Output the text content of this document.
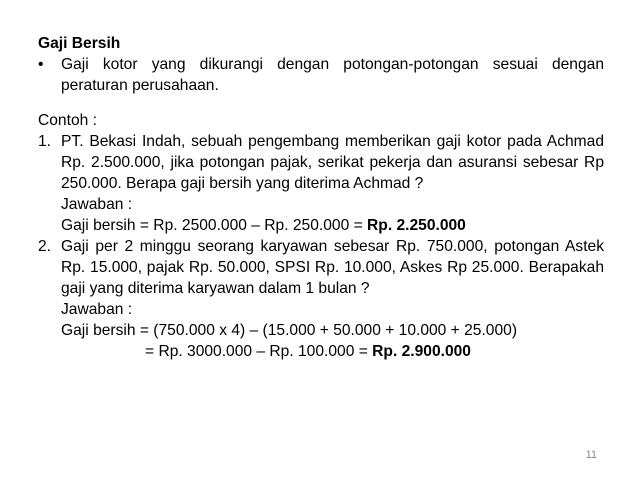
Gaji Bersih
•	Gaji kotor yang dikurangi dengan potongan-potongan sesuai dengan peraturan perusahaan.
Contoh :
1. PT. Bekasi Indah, sebuah pengembang memberikan gaji kotor pada Achmad Rp. 2.500.000, jika potongan pajak, serikat pekerja dan asuransi sebesar Rp 250.000. Berapa gaji bersih yang diterima Achmad ?
Jawaban :
Gaji bersih = Rp. 2500.000 – Rp. 250.000 = Rp. 2.250.000
2. Gaji per 2 minggu seorang karyawan sebesar Rp. 750.000, potongan Astek Rp. 15.000, pajak Rp. 50.000, SPSI Rp. 10.000, Askes Rp 25.000. Berapakah gaji yang diterima karyawan dalam 1 bulan ?
Jawaban :
Gaji bersih = (750.000 x 4) – (15.000 + 50.000 + 10.000 + 25.000)
= Rp. 3000.000 – Rp. 100.000 = Rp. 2.900.000
11
